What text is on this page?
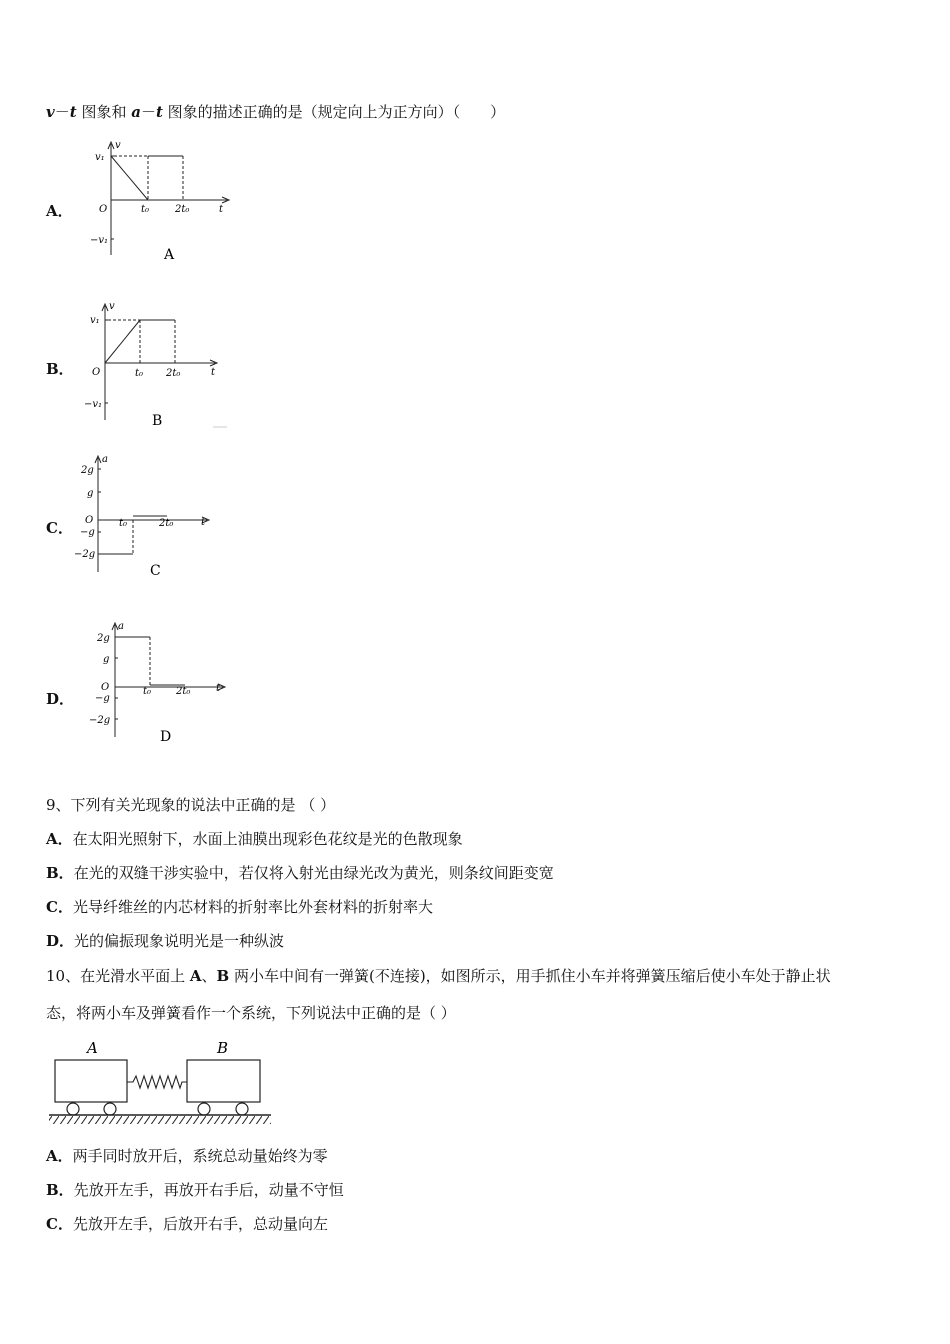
v－t 图象和 a－t 图象的描述正确的是（规定向上为正方向）（　　）
A．
v
v₁
O	t₀	2t₀	t
−v₁
A
B．
v
v₁
O	t₀ 2t₀	t
−v₁
B
C．
a
2g
g
O	t₀	2t₀	t
−g
−2g
C
D．
a
2g
g
O	t₀ 2t₀	t
−g
−2g
D
9、下列有关光现象的说法中正确的是 （ ）
A．在太阳光照射下，水面上油膜出现彩色花纹是光的色散现象
B．在光的双缝干涉实验中，若仅将入射光由绿光改为黄光，则条纹间距变宽
C．光导纤维丝的内芯材料的折射率比外套材料的折射率大
D．光的偏振现象说明光是一种纵波
10、在光滑水平面上 A、B 两小车中间有一弹簧(不连接)，如图所示，用手抓住小车并将弹簧压缩后使小车处于静止状
态，将两小车及弹簧看作一个系统，下列说法中正确的是（ ）
A	B
A．两手同时放开后，系统总动量始终为零
B．先放开左手，再放开右手后，动量不守恒
C．先放开左手，后放开右手，总动量向左
